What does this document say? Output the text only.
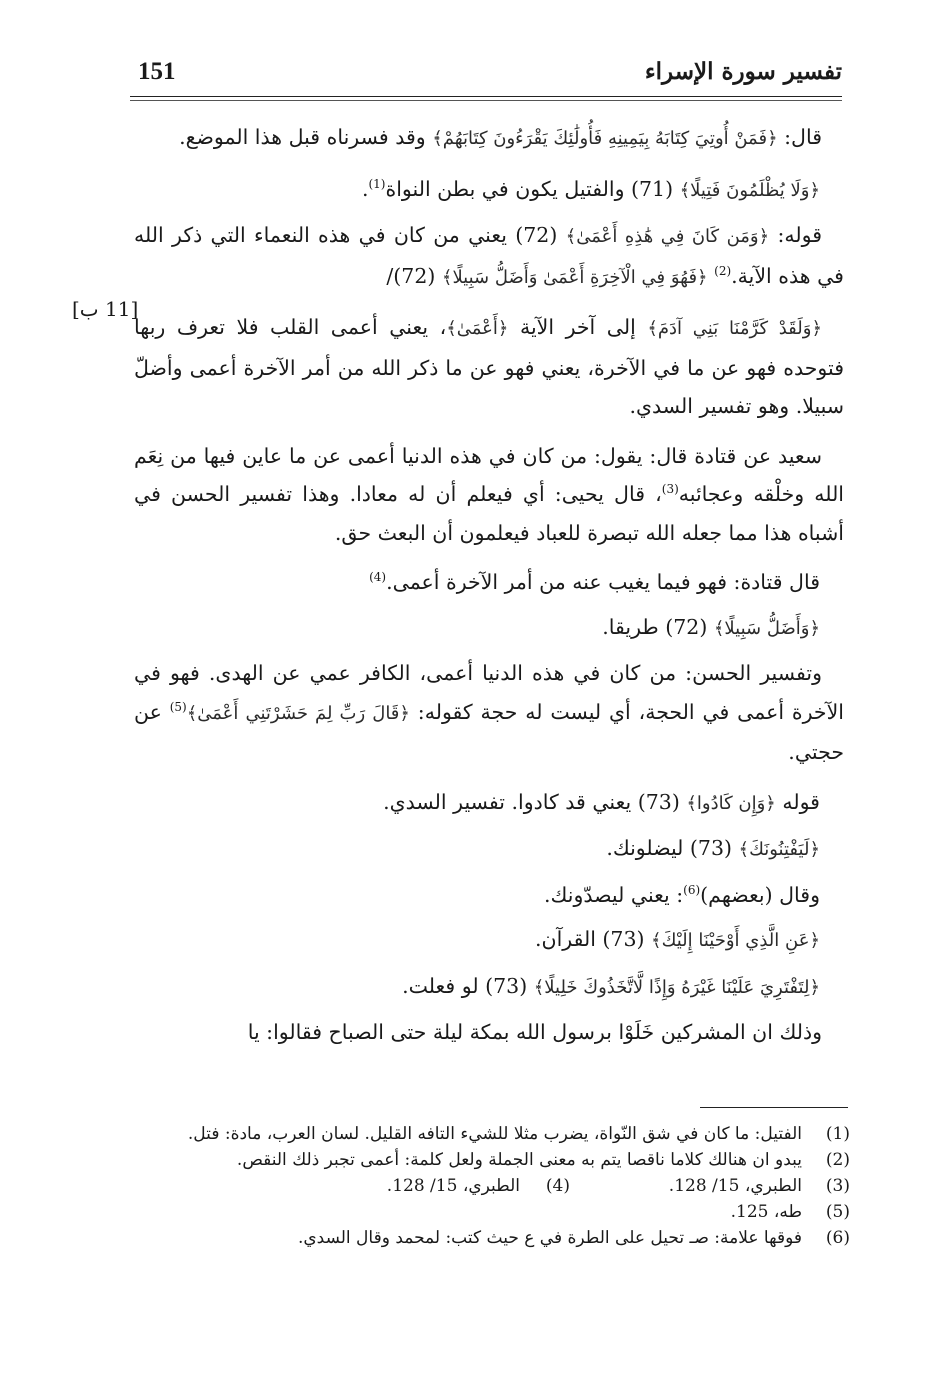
151	تفسير سورة الإسراء
[11 ب]

قال: ﴿فَمَنْ أُوتِيَ كِتَابَهُ بِيَمِينِهِ فَأُولَٰئِكَ يَقْرَءُونَ كِتَابَهُمْ﴾ وقد فسرناه قبل هذا الموضع.

﴿وَلَا يُظْلَمُونَ فَتِيلًا﴾ (71) والفتيل يكون في بطن النواة$^{(1)}$.

قوله: ﴿وَمَن كَانَ فِي هَٰذِهِ أَعْمَىٰ﴾ (72) يعني من كان في هذه النعماء التي ذكر الله في هذه الآية.$^{(2)}$ ﴿فَهُوَ فِي الْآخِرَةِ أَعْمَىٰ وَأَضَلُّ سَبِيلًا﴾ (72)/

﴿وَلَقَدْ كَرَّمْنَا بَنِي آدَمَ﴾ إلى آخر الآية ﴿أَعْمَىٰ﴾، يعني أعمى القلب فلا تعرف ربها فتوحده فهو عن ما في الآخرة، يعني فهو عن ما ذكر الله من أمر الآخرة أعمى وأضلّ سبيلا. وهو تفسير السدي.

سعيد عن قتادة قال: يقول: من كان في هذه الدنيا أعمى عن ما عاين فيها من نِعَم الله وخلْقه وعجائبه$^{(3)}$، قال يحيى: أي فيعلم أن له معادا. وهذا تفسير الحسن في أشباه هذا مما جعله الله تبصرة للعباد فيعلمون أن البعث حق.

قال قتادة: فهو فيما يغيب عنه من أمر الآخرة أعمى.$^{(4)}$

﴿وَأَضَلُّ سَبِيلًا﴾ (72) طريقا.

وتفسير الحسن: من كان في هذه الدنيا أعمى، الكافر عمي عن الهدى. فهو في الآخرة أعمى في الحجة، أي ليست له حجة كقوله: ﴿قَالَ رَبِّ لِمَ حَشَرْتَنِي أَعْمَىٰ﴾$^{(5)}$ عن حجتي.

قوله ﴿وَإِن كَادُوا﴾ (73) يعني قد كادوا. تفسير السدي.

﴿لَيَفْتِنُونَكَ﴾ (73) ليضلونك.

وقال (بعضهم)$^{(6)}$: يعني ليصدّونك.

﴿عَنِ الَّذِي أَوْحَيْنَا إِلَيْكَ﴾ (73) القرآن.

﴿لِتَفْتَرِيَ عَلَيْنَا غَيْرَهُ وَإِذًا لَّاتَّخَذُوكَ خَلِيلًا﴾ (73) لو فعلت.

وذلك ان المشركين خَلَوْا برسول الله بمكة ليلة حتى الصباح فقالوا: يا

(1)
الفتيل: ما كان في شق النّواة، يضرب مثلا للشيء التافه القليل. لسان العرب، مادة: فتل.
(2)
يبدو ان هنالك كلاما ناقصا يتم به معنى الجملة ولعل كلمة: أعمى تجبر ذلك النقص.
(3)
الطبري، 15/ 128.
(4)
الطبري، 15/ 128.
(5)
طه، 125.
(6)
فوقها علامة: صـ تحيل على الطرة في ع حيث كتب: لمحمد وقال السدي.
